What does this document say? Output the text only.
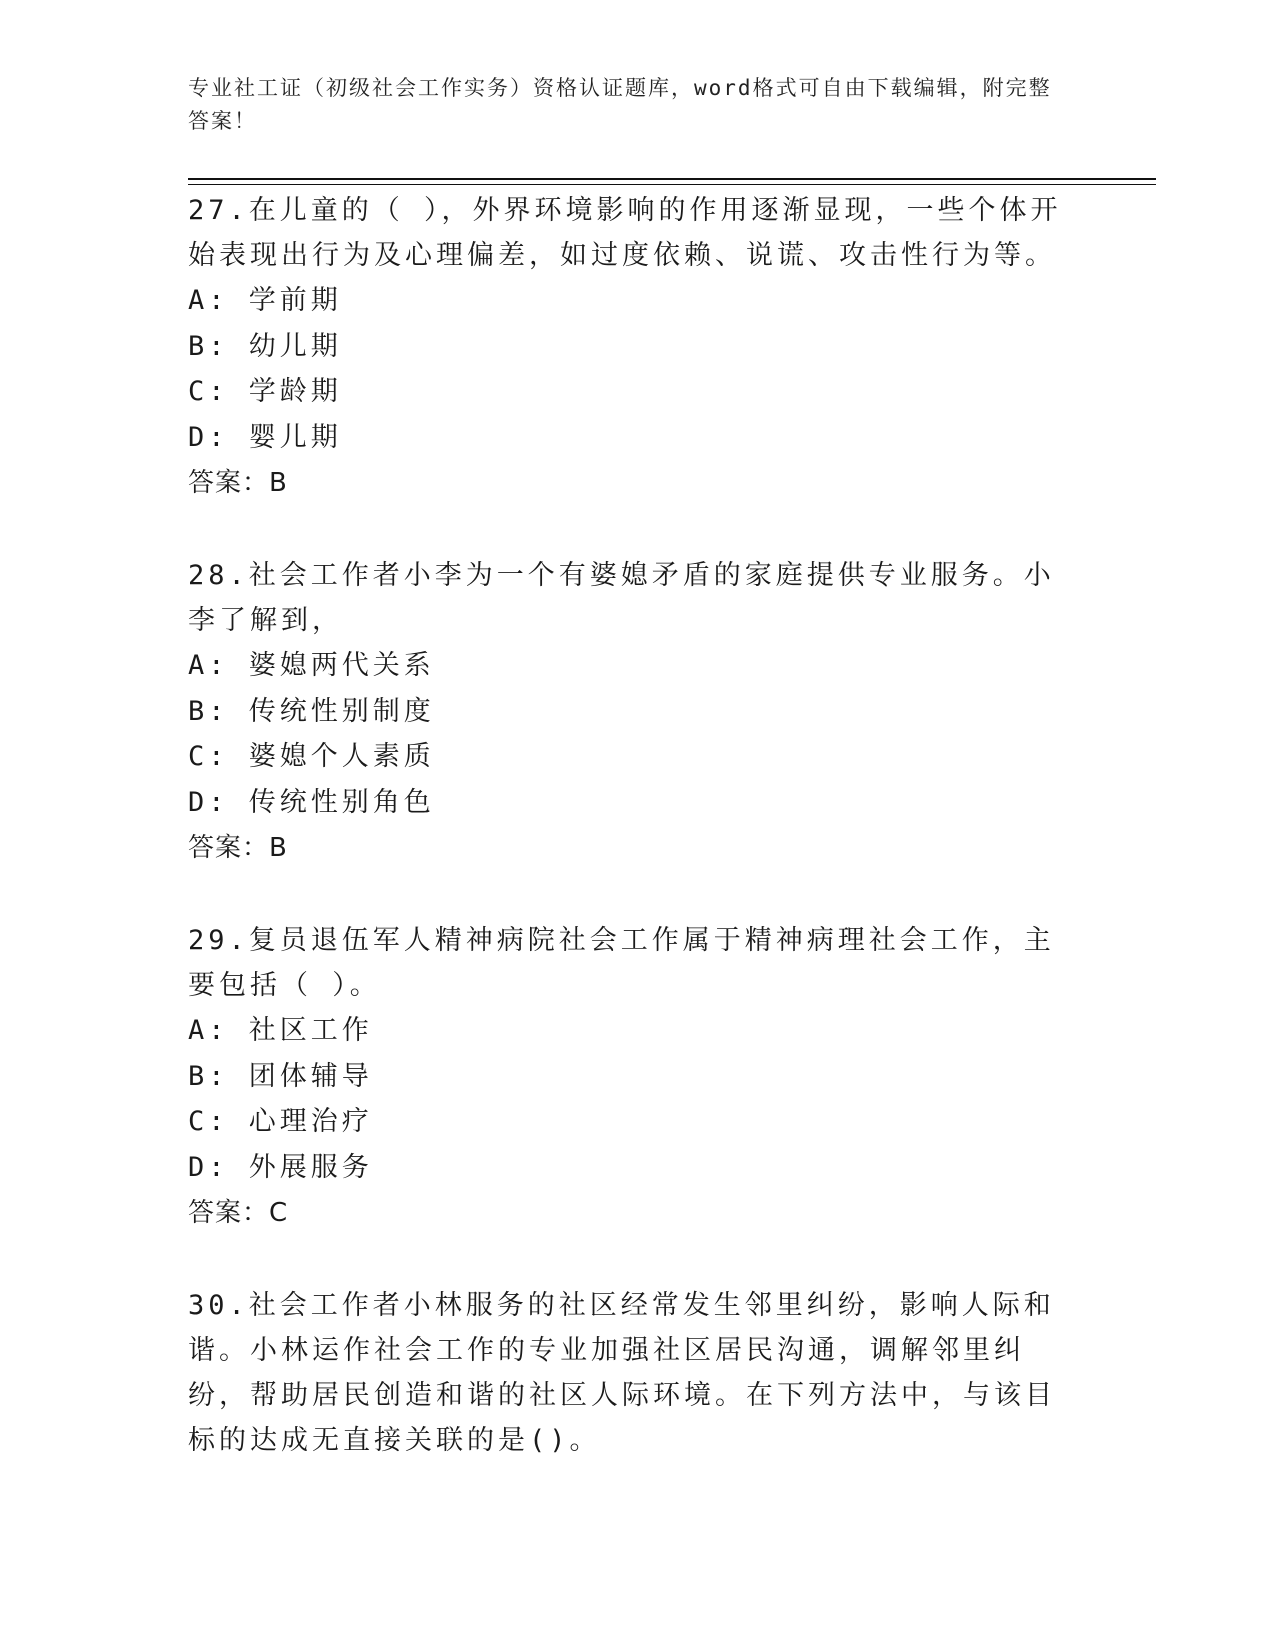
专业社工证（初级社会工作实务）资格认证题库，word格式可自由下载编辑，附完整答案！

27.在儿童的（ ），外界环境影响的作用逐渐显现，一些个体开始表现出行为及心理偏差，如过度依赖、说谎、攻击性行为等。

A: 学前期

B: 幼儿期

C: 学龄期

D: 婴儿期

答案：B

28.社会工作者小李为一个有婆媳矛盾的家庭提供专业服务。小李了解到，

A: 婆媳两代关系

B: 传统性别制度

C: 婆媳个人素质

D: 传统性别角色

答案：B

29.复员退伍军人精神病院社会工作属于精神病理社会工作，主要包括（ ）。

A: 社区工作

B: 团体辅导

C: 心理治疗

D: 外展服务

答案：C

30.社会工作者小林服务的社区经常发生邻里纠纷，影响人际和谐。小林运作社会工作的专业加强社区居民沟通，调解邻里纠纷，帮助居民创造和谐的社区人际环境。在下列方法中，与该目标的达成无直接关联的是()。
